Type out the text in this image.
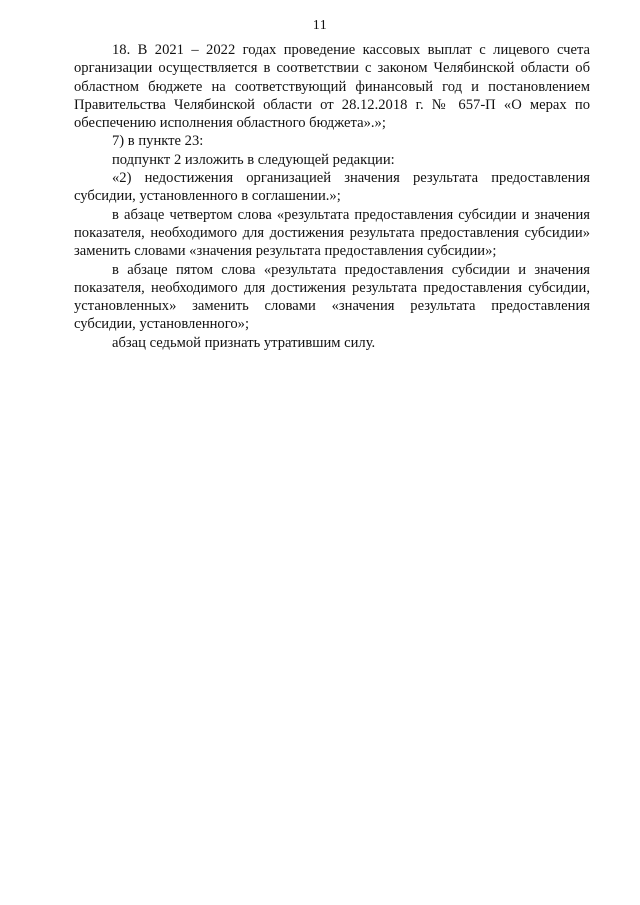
11

18. В 2021 – 2022 годах проведение кассовых выплат с лицевого счета организации осуществляется в соответствии с законом Челябинской области об областном бюджете на соответствующий финансовый год и постановлением Правительства Челябинской области от 28.12.2018 г. № 657-П «О мерах по обеспечению исполнения областного бюджета».»;

7) в пункте 23:

подпункт 2 изложить в следующей редакции:

«2) недостижения организацией значения результата предоставления субсидии, установленного в соглашении.»;

в абзаце четвертом слова «результата предоставления субсидии и значения показателя, необходимого для достижения результата предоставления субсидии» заменить словами «значения результата предоставления субсидии»;

в абзаце пятом слова «результата предоставления субсидии и значения показателя, необходимого для достижения результата предоставления субсидии, установленных» заменить словами «значения результата предоставления субсидии, установленного»;

абзац седьмой признать утратившим силу.
